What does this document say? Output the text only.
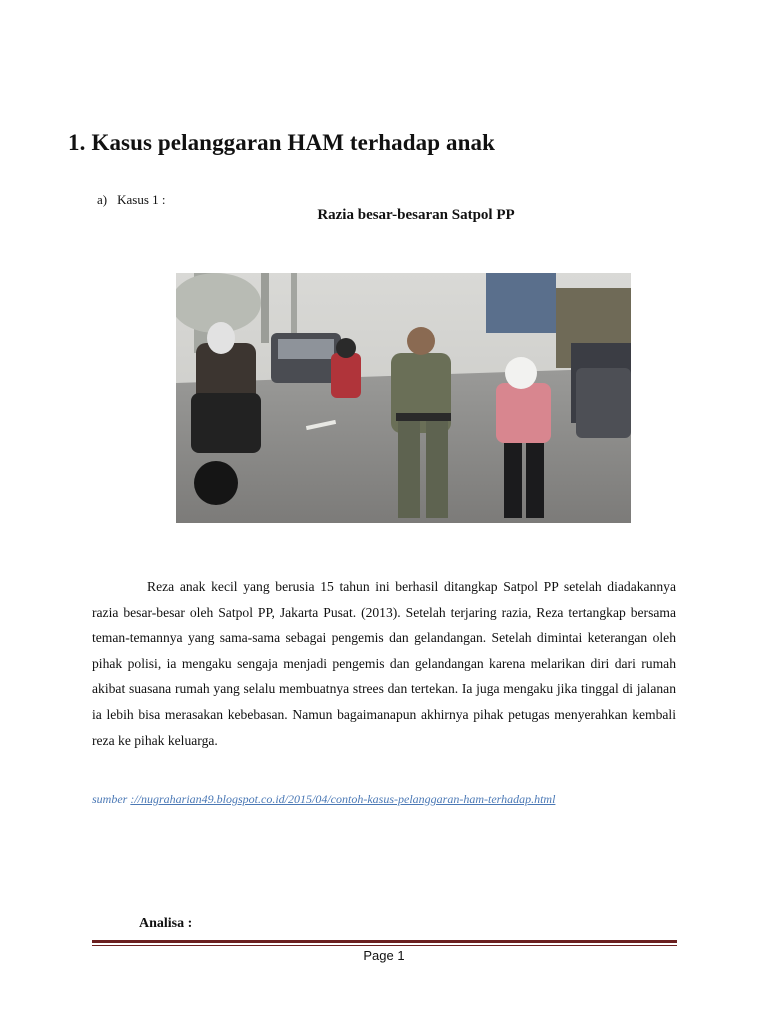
1. Kasus pelanggaran HAM terhadap anak
a) Kasus 1 :
Razia besar-besaran Satpol PP

Reza anak kecil yang berusia 15 tahun ini berhasil ditangkap Satpol PP setelah diadakannya razia besar-besar oleh Satpol PP, Jakarta Pusat. (2013). Setelah terjaring razia, Reza tertangkap bersama teman-temannya yang sama-sama sebagai pengemis dan gelandangan. Setelah dimintai keterangan oleh pihak polisi, ia mengaku sengaja menjadi pengemis dan gelandangan karena melarikan diri dari rumah akibat suasana rumah yang selalu membuatnya strees dan tertekan. Ia juga mengaku jika tinggal di jalanan ia lebih bisa merasakan kebebasan. Namun bagaimanapun akhirnya pihak petugas menyerahkan kembali reza ke pihak keluarga.

sumber ://nugraharian49.blogspot.co.id/2015/04/contoh-kasus-pelanggaran-ham-terhadap.html
Analisa :
Page 1
